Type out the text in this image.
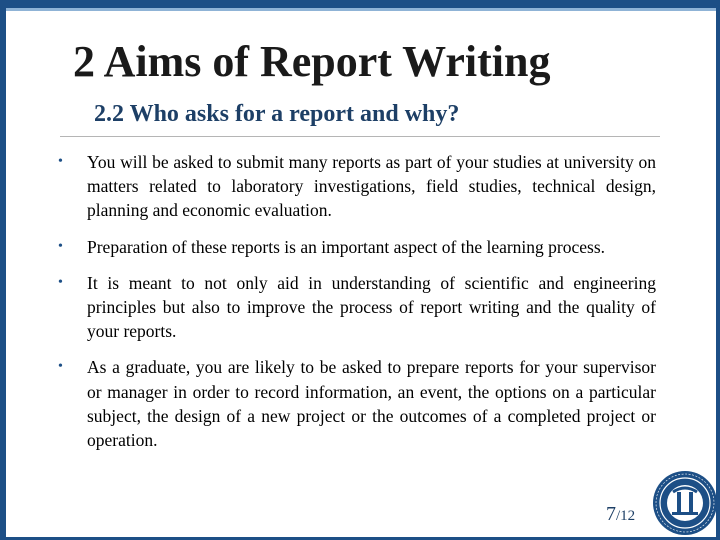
2 Aims of Report Writing
2.2 Who asks for a report and why?
• You will be asked to submit many reports as part of your studies at university on matters related to laboratory investigations, field studies, technical design, planning and economic evaluation.
• Preparation of these reports is an important aspect of the learning process.
• It is meant to not only aid in understanding of scientific and engineering principles but also to improve the process of report writing and the quality of your reports.
• As a graduate, you are likely to be asked to prepare reports for your supervisor or manager in order to record information, an event, the options on a particular subject, the design of a new project or the outcomes of a completed project or operation.
7/12
